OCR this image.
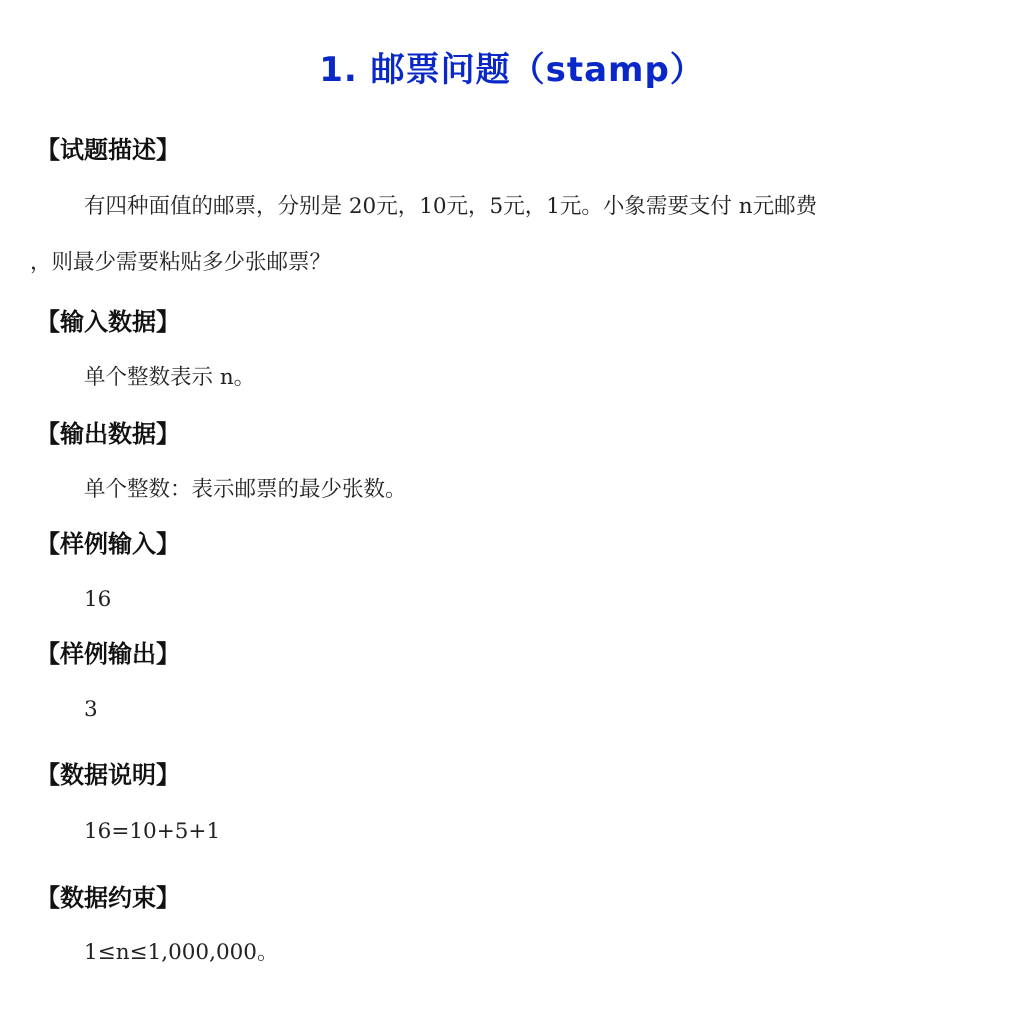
1. 邮票问题（stamp）
【试题描述】
有四种面值的邮票，分别是 20元，10元，5元，1元。小象需要支付 n元邮费
，则最少需要粘贴多少张邮票？
【输入数据】
单个整数表示 n。
【输出数据】
单个整数：表示邮票的最少张数。
【样例输入】
16
【样例输出】
3
【数据说明】
16=10+5+1
【数据约束】
1≤n≤1,000,000。
